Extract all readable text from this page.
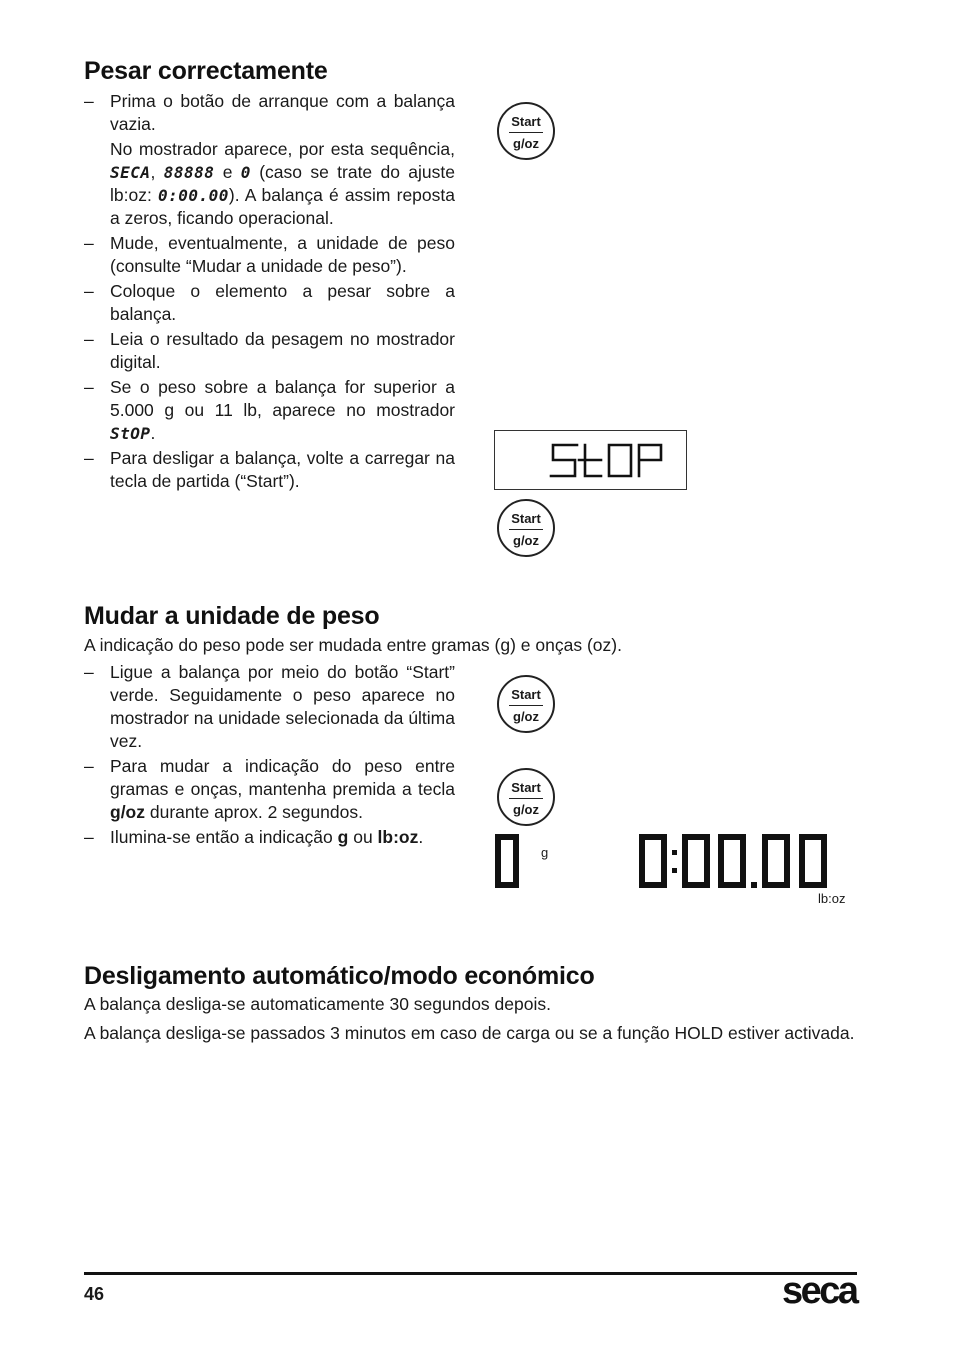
Pesar correctamente
– Prima o botão de arranque com a balança vazia.

No mostrador aparece, por esta sequência, SECA, 88888 e 0 (caso se trate do ajuste lb:oz: 0:00.00). A balança é assim reposta a zeros, ficando operacional.

– Mude, eventualmente, a unidade de peso (consulte “Mudar a unidade de peso”).

– Coloque o elemento a pesar sobre a balança.

– Leia o resultado da pesagem no mostrador digital.

– Se o peso sobre a balança for superior a 5.000 g ou 11 lb, aparece no mostrador StOP.

– Para desligar a balança, volte a carregar na tecla de partida (“Start”).

Start
g/oz
Start
g/oz
Mudar a unidade de peso
A indicação do peso pode ser mudada entre gramas (g) e onças (oz).
– Ligue a balança por meio do botão “Start” verde. Seguidamente o peso aparece no mostrador na unidade selecionada da última vez.

– Para mudar a indicação do peso entre gramas e onças, mantenha premida a tecla g/oz durante aprox. 2 segundos.

– Ilumina-se então a indicação g ou lb:oz.

Start
g/oz
Start
g/oz
g
lb:oz
Desligamento automático/modo económico
A balança desliga-se automaticamente 30 segundos depois.
A balança desliga-se passados 3 minutos em caso de carga ou se a função HOLD estiver activada.
46	seca
